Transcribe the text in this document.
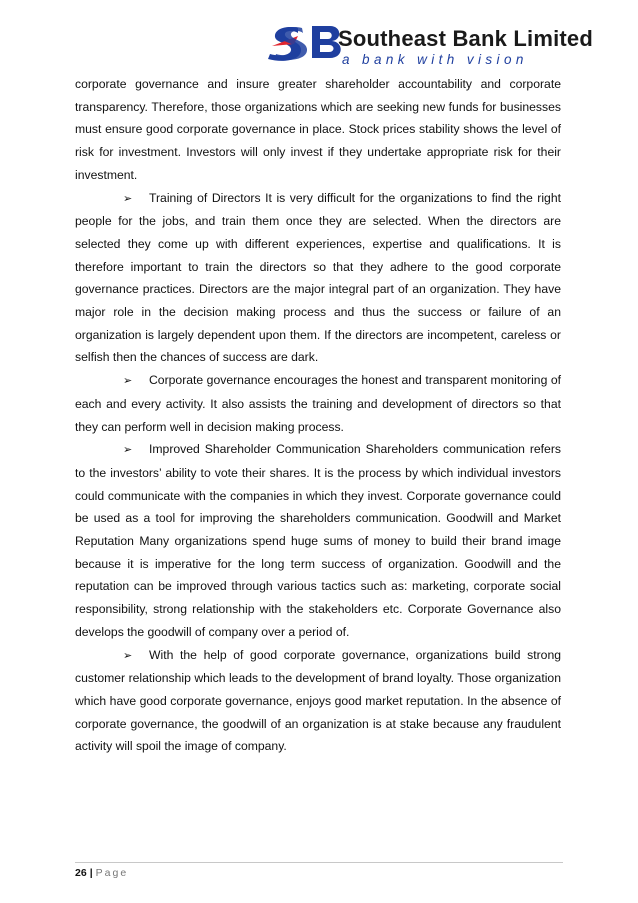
Southeast Bank Limited
a bank with vision

corporate governance and insure greater shareholder accountability and corporate transparency. Therefore, those organizations which are seeking new funds for businesses must ensure good corporate governance in place. Stock prices stability shows the level of risk for investment. Investors will only invest if they undertake appropriate risk for their investment.

➢ Training of Directors It is very difficult for the organizations to find the right people for the jobs, and train them once they are selected. When the directors are selected they come up with different experiences, expertise and qualifications. It is therefore important to train the directors so that they adhere to the good corporate governance practices. Directors are the major integral part of an organization. They have major role in the decision making process and thus the success or failure of an organization is largely dependent upon them. If the directors are incompetent, careless or selfish then the chances of success are dark.

➢ Corporate governance encourages the honest and transparent monitoring of each and every activity. It also assists the training and development of directors so that they can perform well in decision making process.

➢ Improved Shareholder Communication Shareholders communication refers to the investors’ ability to vote their shares. It is the process by which individual investors could communicate with the companies in which they invest. Corporate governance could be used as a tool for improving the shareholders communication. Goodwill and Market Reputation Many organizations spend huge sums of money to build their brand image because it is imperative for the long term success of organization. Goodwill and the reputation can be improved through various tactics such as: marketing, corporate social responsibility, strong relationship with the stakeholders etc. Corporate Governance also develops the goodwill of company over a period of.

➢ With the help of good corporate governance, organizations build strong customer relationship which leads to the development of brand loyalty. Those organization which have good corporate governance, enjoys good market reputation. In the absence of corporate governance, the goodwill of an organization is at stake because any fraudulent activity will spoil the image of company.

26 | Page
